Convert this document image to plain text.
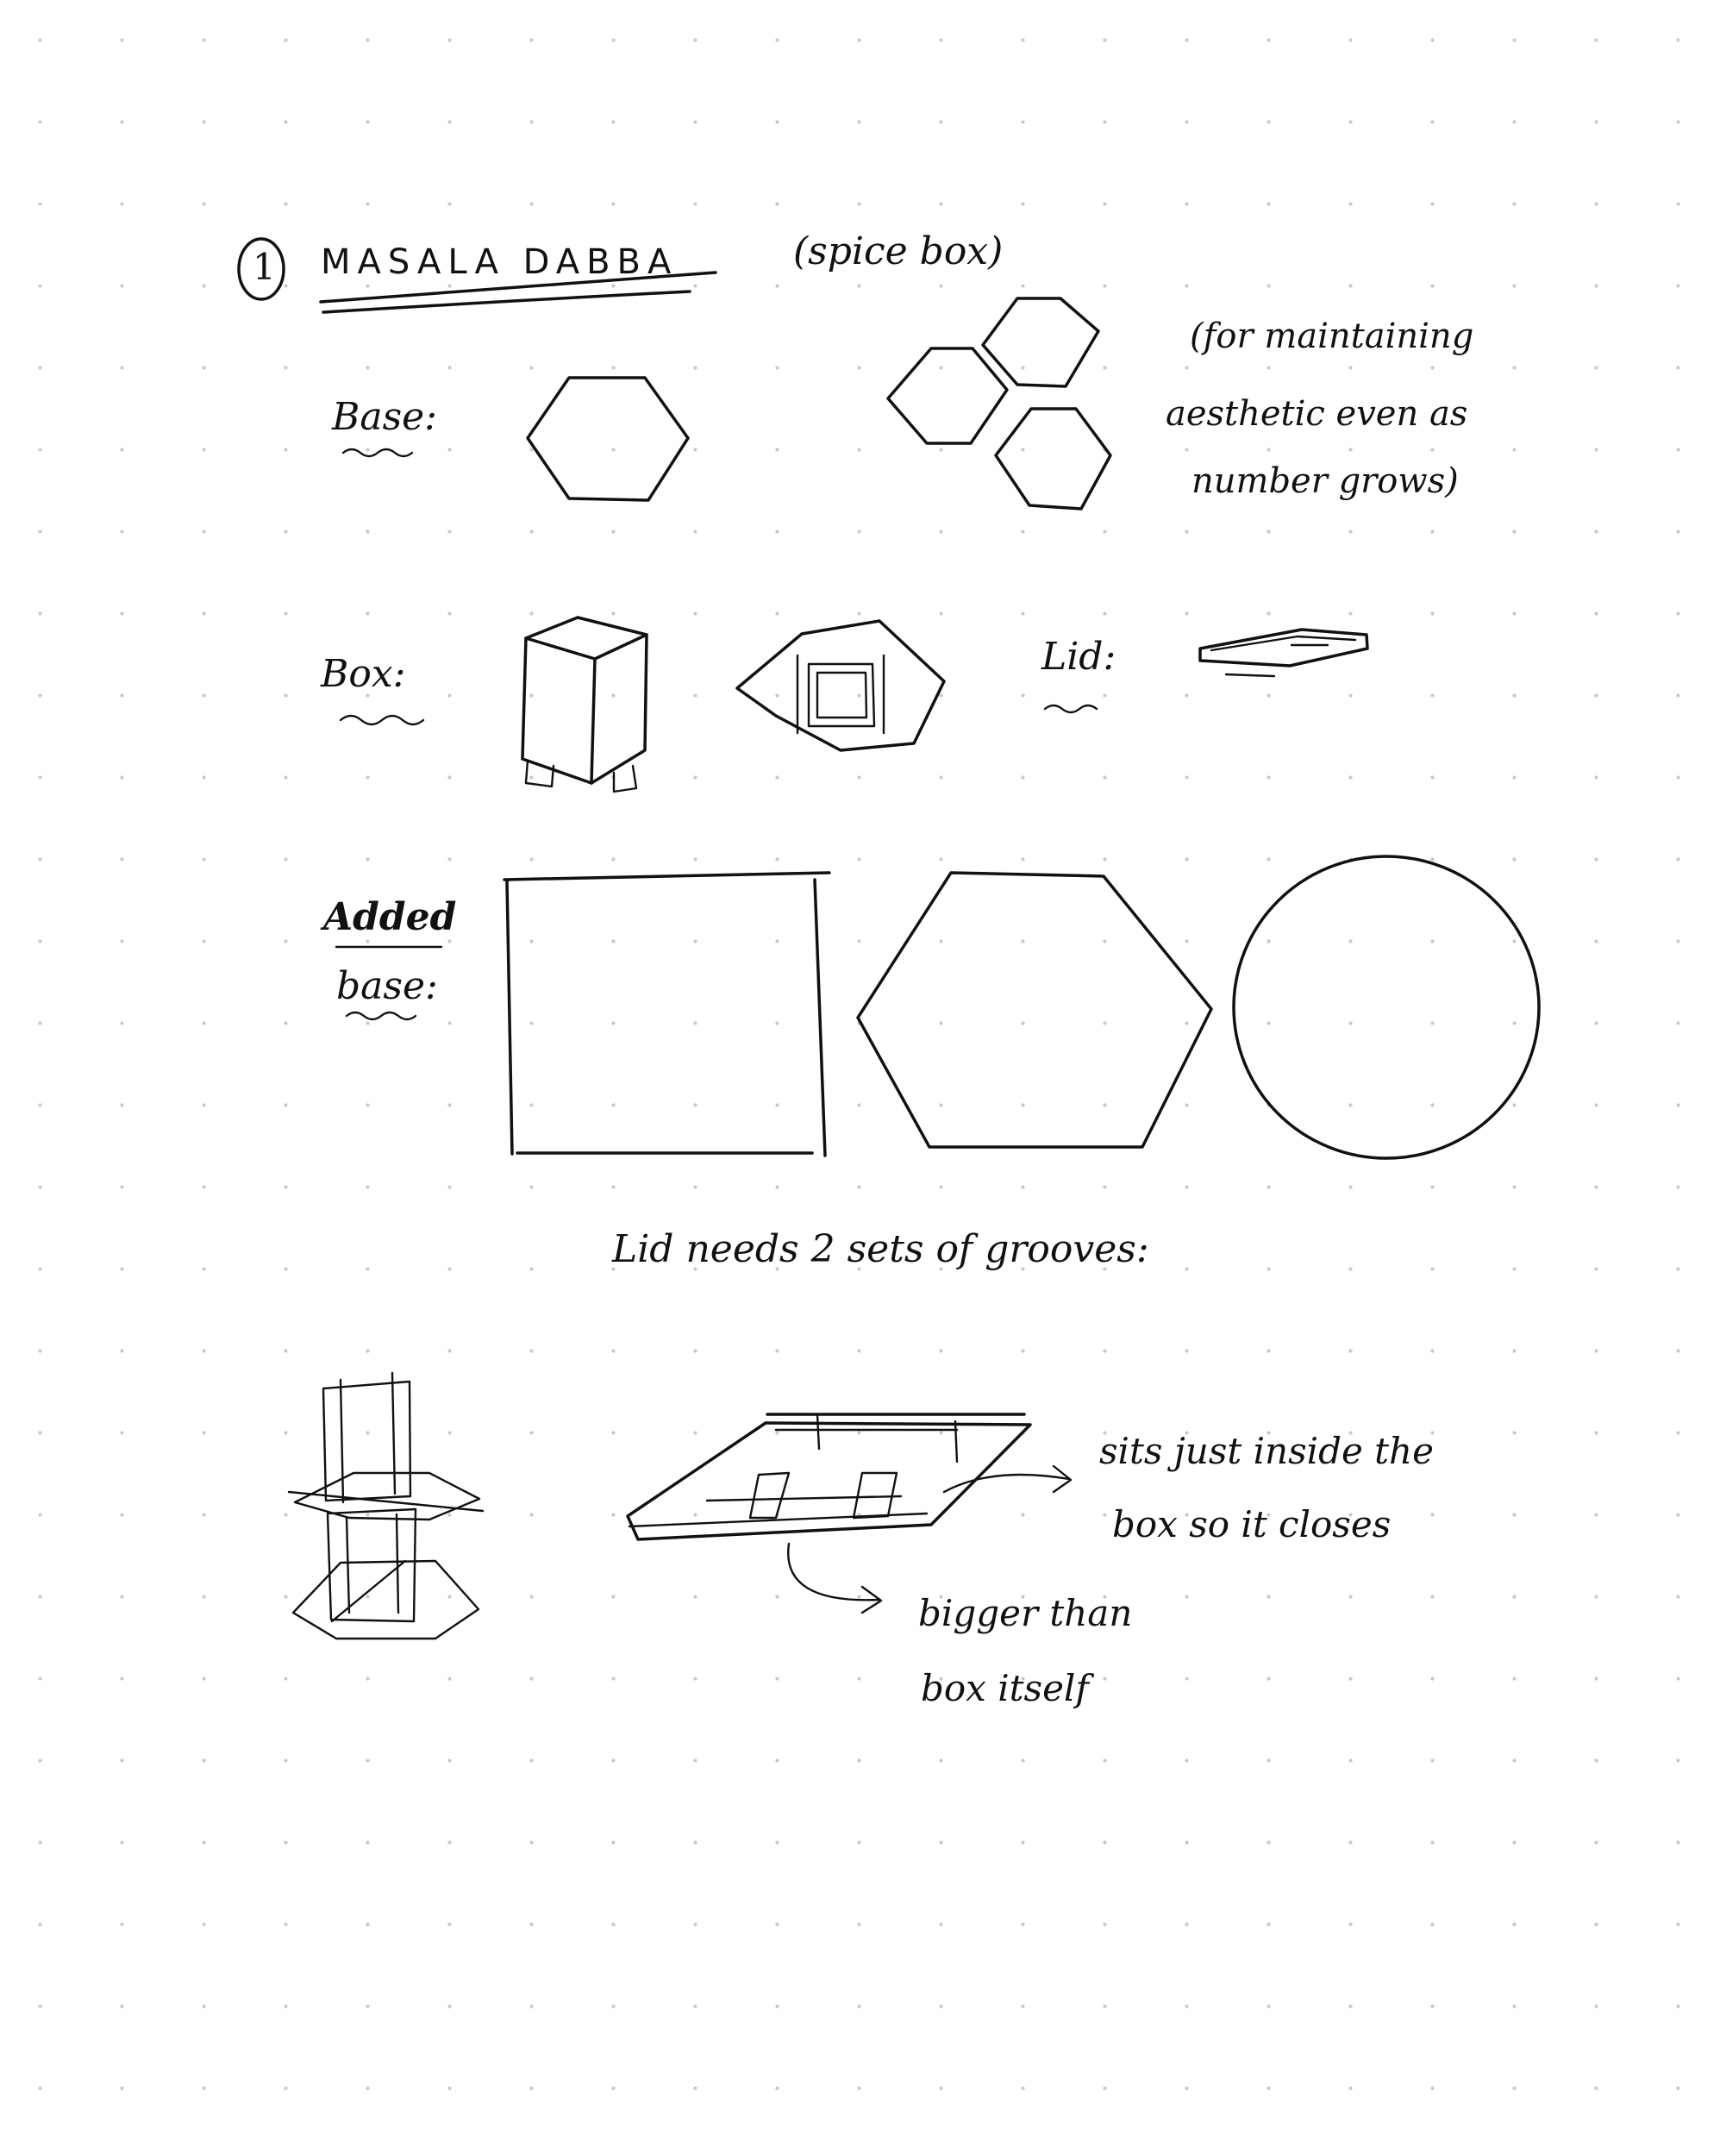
1 MASALA DABBA	(spice box)
Base:
(for maintaining
aesthetic even as
number grows)
Box:	Lid:
Added
base:
Lid needs 2 sets of grooves:
sits just inside the
box so it closes
bigger than
box itself
